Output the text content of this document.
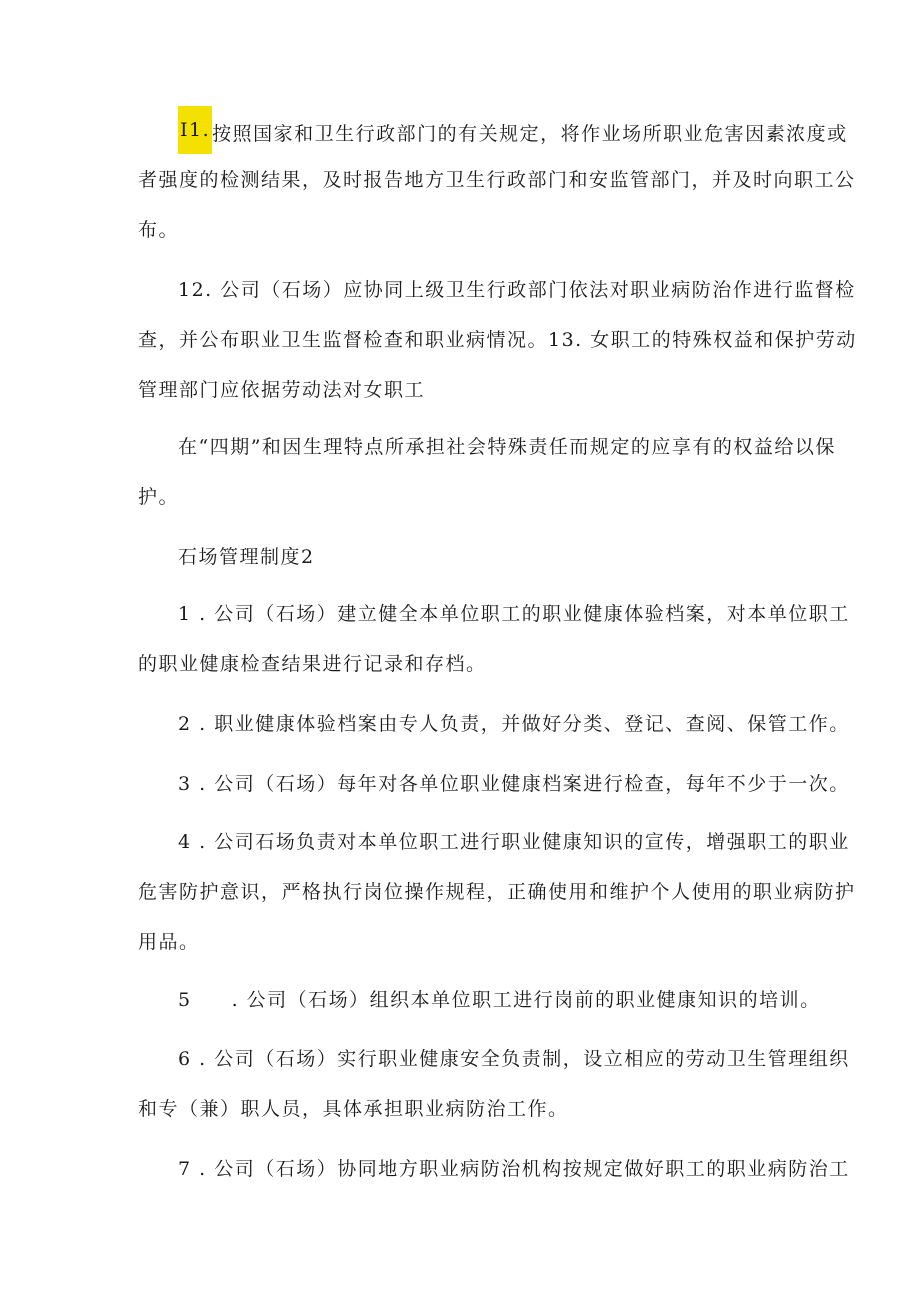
I1. 按照国家和卫生行政部门的有关规定，将作业场所职业危害因素浓度或
者强度的检测结果，及时报告地方卫生行政部门和安监管部门，并及时向职工公
布。
12. 公司（石场）应协同上级卫生行政部门依法对职业病防治作进行监督检
查，并公布职业卫生监督检查和职业病情况。13. 女职工的特殊权益和保护劳动
管理部门应依据劳动法对女职工
在“四期”和因生理特点所承担社会特殊责任而规定的应享有的权益给以保
护。
石场管理制度2
1 . 公司（石场）建立健全本单位职工的职业健康体验档案，对本单位职工
的职业健康检查结果进行记录和存档。
2 . 职业健康体验档案由专人负责，并做好分类、登记、查阅、保管工作。
3 . 公司（石场）每年对各单位职业健康档案进行检查，每年不少于一次。
4 . 公司石场负责对本单位职工进行职业健康知识的宣传，增强职工的职业
危害防护意识，严格执行岗位操作规程，正确使用和维护个人使用的职业病防护
用品。
5 . 公司（石场）组织本单位职工进行岗前的职业健康知识的培训。
6 . 公司（石场）实行职业健康安全负责制，设立相应的劳动卫生管理组织
和专（兼）职人员，具体承担职业病防治工作。
7 . 公司（石场）协同地方职业病防治机构按规定做好职工的职业病防治工
